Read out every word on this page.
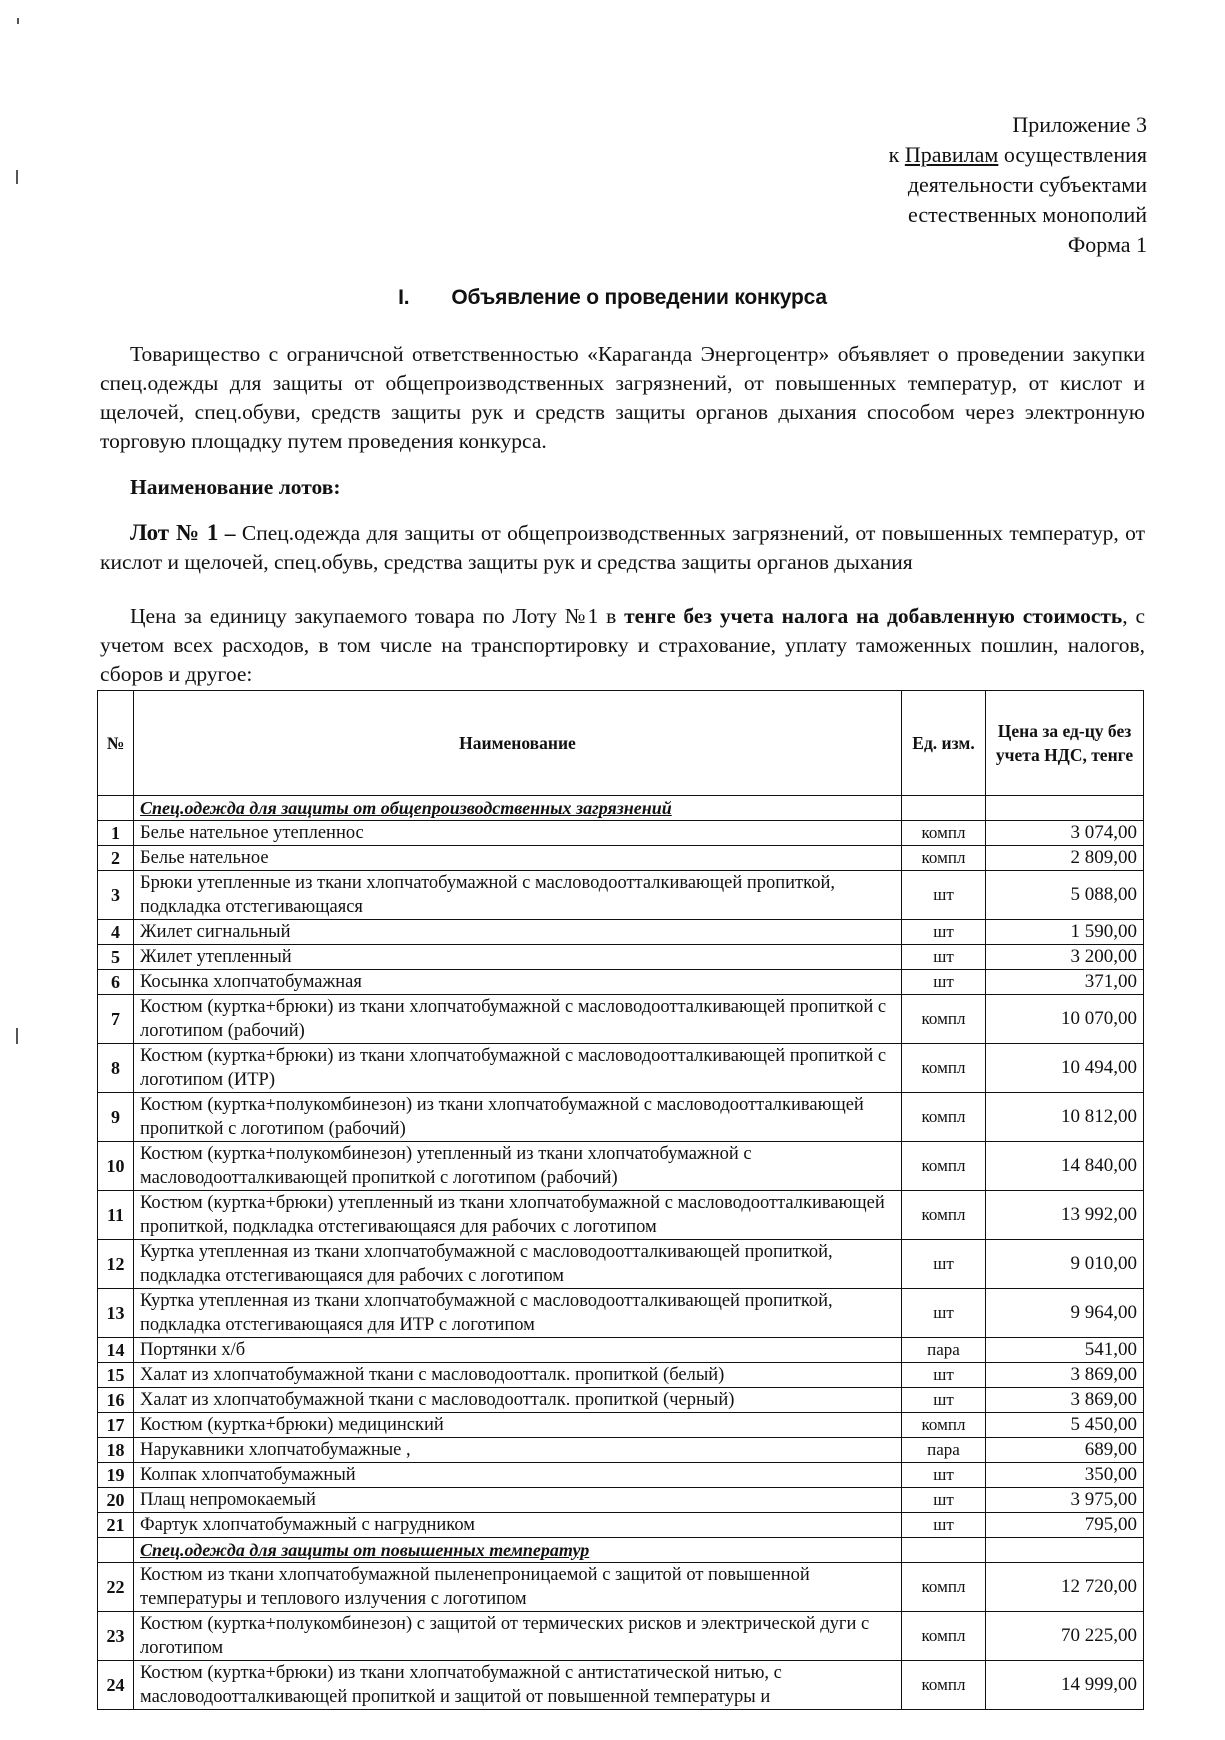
Приложение 3
к Правилам осуществления
деятельности субъектами
естественных монополий
Форма 1
I. Объявление о проведении конкурса
Товарищество с ограничсной ответственностью «Караганда Энергоцентр» объявляет о проведении закупки спец.одежды для защиты от общепроизводственных загрязнений, от повышенных температур, от кислот и щелочей, спец.обуви, средств защиты рук и средств защиты органов дыхания способом через электронную торговую площадку путем проведения конкурса.
Наименование лотов:
Лот № 1 – Спец.одежда для защиты от общепроизводственных загрязнений, от повышенных температур, от кислот и щелочей, спец.обувь, средства защиты рук и средства защиты органов дыхания
Цена за единицу закупаемого товара по Лоту №1 в тенге без учета налога на добавленную стоимость, с учетом всех расходов, в том числе на транспортировку и страхование, уплату таможенных пошлин, налогов, сборов и другое:
№	Наименование	Ед. изм.	Цена за ед-цу без учета НДС, тенге
	Спец.одежда для защиты от общепроизводственных загрязнений		
1	Белье нательное утепленнос	компл	3 074,00
2	Белье нательное	компл	2 809,00
3	Брюки утепленные из ткани хлопчатобумажной с масловодоотталкивающей пропиткой, подкладка отстегивающаяся	шт	5 088,00
4	Жилет сигнальный	шт	1 590,00
5	Жилет утепленный	шт	3 200,00
6	Косынка хлопчатобумажная	шт	371,00
7	Костюм (куртка+брюки) из ткани хлопчатобумажной с масловодоотталкивающей пропиткой с логотипом (рабочий)	компл	10 070,00
8	Костюм (куртка+брюки) из ткани хлопчатобумажной с масловодоотталкивающей пропиткой с логотипом (ИТР)	компл	10 494,00
9	Костюм (куртка+полукомбинезон) из ткани хлопчатобумажной с масловодоотталкивающей пропиткой с логотипом (рабочий)	компл	10 812,00
10	Костюм (куртка+полукомбинезон) утепленный из ткани хлопчатобумажной с масловодоотталкивающей пропиткой с логотипом (рабочий)	компл	14 840,00
11	Костюм (куртка+брюки) утепленный из ткани хлопчатобумажной с масловодоотталкивающей пропиткой, подкладка отстегивающаяся для рабочих с логотипом	компл	13 992,00
12	Куртка утепленная из ткани хлопчатобумажной с масловодоотталкивающей пропиткой, подкладка отстегивающаяся для рабочих с логотипом	шт	9 010,00
13	Куртка утепленная из ткани хлопчатобумажной с масловодоотталкивающей пропиткой, подкладка отстегивающаяся для ИТР с логотипом	шт	9 964,00
14	Портянки х/б	пара	541,00
15	Халат из хлопчатобумажной ткани с масловодоотталк. пропиткой (белый)	шт	3 869,00
16	Халат из хлопчатобумажной ткани с масловодоотталк. пропиткой (черный)	шт	3 869,00
17	Костюм (куртка+брюки) медицинский	компл	5 450,00
18	Нарукавники хлопчатобумажные ,	пара	689,00
19	Колпак хлопчатобумажный	шт	350,00
20	Плащ непромокаемый	шт	3 975,00
21	Фартук хлопчатобумажный с нагрудником	шт	795,00
	Спец.одежда для защиты от повышенных температур		
22	Костюм из ткани хлопчатобумажной пыленепроницаемой с защитой от повышенной температуры и теплового излучения с логотипом	компл	12 720,00
23	Костюм (куртка+полукомбинезон) с защитой от термических рисков и электрической дуги с логотипом	компл	70 225,00
24	Костюм (куртка+брюки) из ткани хлопчатобумажной с антистатической нитью, с масловодоотталкивающей пропиткой и защитой от повышенной температуры и	компл	14 999,00
